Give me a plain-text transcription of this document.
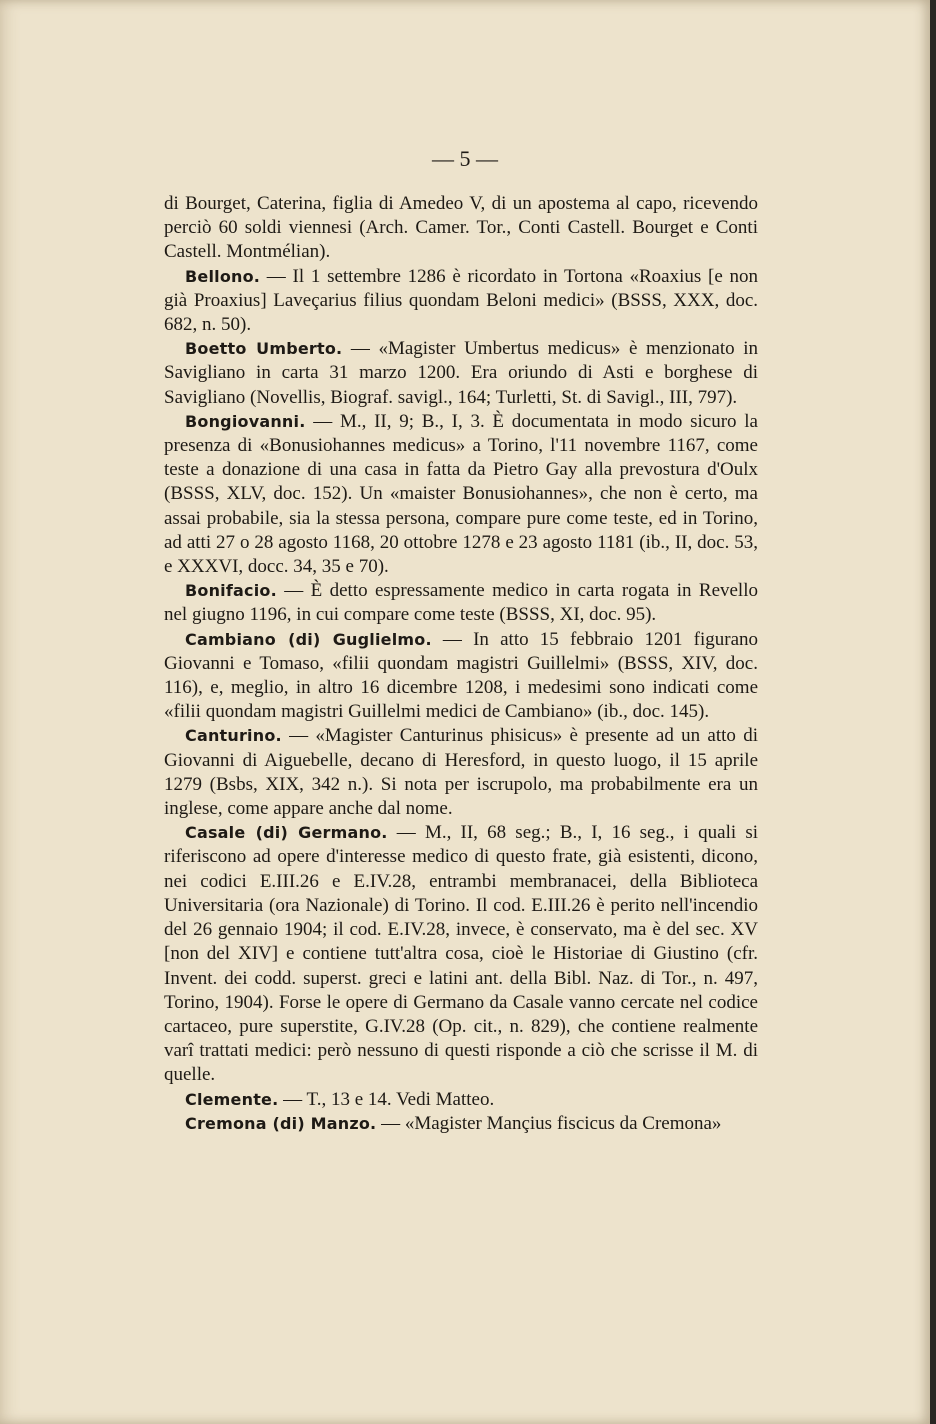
— 5 —

di Bourget, Caterina, figlia di Amedeo V, di un apostema al capo, ricevendo perciò 60 soldi viennesi (Arch. Camer. Tor., Conti Castell. Bourget e Conti Castell. Montmélian).

Bellono. — Il 1 settembre 1286 è ricordato in Tortona «Roaxius [e non già Proaxius] Laveçarius filius quondam Beloni medici» (BSSS, XXX, doc. 682, n. 50).

Boetto Umberto. — «Magister Umbertus medicus» è menzionato in Savigliano in carta 31 marzo 1200. Era oriundo di Asti e borghese di Savigliano (Novellis, Biograf. savigl., 164; Turletti, St. di Savigl., III, 797).

Bongiovanni. — M., II, 9; B., I, 3. È documentata in modo sicuro la presenza di «Bonusiohannes medicus» a Torino, l'11 novembre 1167, come teste a donazione di una casa in fatta da Pietro Gay alla prevostura d'Oulx (BSSS, XLV, doc. 152). Un «maister Bonusiohannes», che non è certo, ma assai probabile, sia la stessa persona, compare pure come teste, ed in Torino, ad atti 27 o 28 agosto 1168, 20 ottobre 1278 e 23 agosto 1181 (ib., II, doc. 53, e XXXVI, docc. 34, 35 e 70).

Bonifacio. — È detto espressamente medico in carta rogata in Revello nel giugno 1196, in cui compare come teste (BSSS, XI, doc. 95).

Cambiano (di) Guglielmo. — In atto 15 febbraio 1201 figurano Giovanni e Tomaso, «filii quondam magistri Guillelmi» (BSSS, XIV, doc. 116), e, meglio, in altro 16 dicembre 1208, i medesimi sono indicati come «filii quondam magistri Guillelmi medici de Cambiano» (ib., doc. 145).

Canturino. — «Magister Canturinus phisicus» è presente ad un atto di Giovanni di Aiguebelle, decano di Heresford, in questo luogo, il 15 aprile 1279 (Bsbs, XIX, 342 n.). Si nota per iscrupolo, ma probabilmente era un inglese, come appare anche dal nome.

Casale (di) Germano. — M., II, 68 seg.; B., I, 16 seg., i quali si riferiscono ad opere d'interesse medico di questo frate, già esistenti, dicono, nei codici E.III.26 e E.IV.28, entrambi membranacei, della Biblioteca Universitaria (ora Nazionale) di Torino. Il cod. E.III.26 è perito nell'incendio del 26 gennaio 1904; il cod. E.IV.28, invece, è conservato, ma è del sec. XV [non del XIV] e contiene tutt'altra cosa, cioè le Historiae di Giustino (cfr. Invent. dei codd. superst. greci e latini ant. della Bibl. Naz. di Tor., n. 497, Torino, 1904). Forse le opere di Germano da Casale vanno cercate nel codice cartaceo, pure superstite, G.IV.28 (Op. cit., n. 829), che contiene realmente varî trattati medici: però nessuno di questi risponde a ciò che scrisse il M. di quelle.

Clemente. — T., 13 e 14. Vedi Matteo.

Cremona (di) Manzo. — «Magister Mançius fiscicus da Cremona»
